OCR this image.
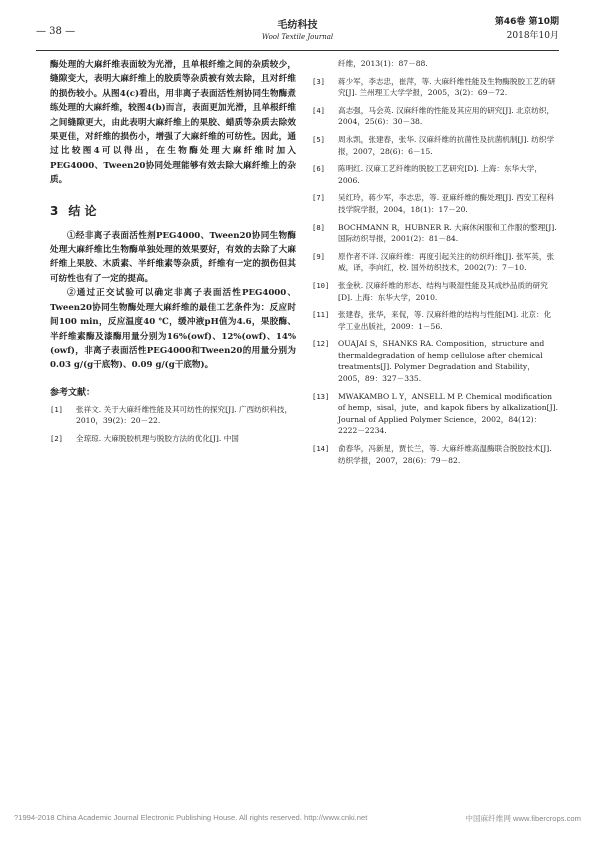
— 38 —
毛纺科技
Wool Textile Journal
第46卷 第10期
2018年10月

酶处理的大麻纤维表面较为光滑，且单根纤维之间的杂质较少，缝隙变大，表明大麻纤维上的胶质等杂质被有效去除，且对纤维的损伤较小。从图4(c)看出，用非离子表面活性剂协同生物酶煮练处理的大麻纤维，较图4(b)而言，表面更加光滑，且单根纤维之间缝隙更大，由此表明大麻纤维上的果胶、蜡质等杂质去除效果更佳，对纤维的损伤小，增强了大麻纤维的可纺性。因此，通过比较图4可以得出，在生物酶处理大麻纤维时加入PEG4000、Tween20协同处理能够有效去除大麻纤维上的杂质。

3 结 论

①经非离子表面活性剂PEG4000、Tween20协同生物酶处理大麻纤维比生物酶单独处理的效果要好，有效的去除了大麻纤维上果胶、木质素、半纤维素等杂质，纤维有一定的损伤但其可纺性也有了一定的提高。

②通过正交试验可以确定非离子表面活性PEG4000、Tween20协同生物酶处理大麻纤维的最佳工艺条件为：反应时间100 min，反应温度40 ℃，缓冲液pH值为4.6，果胶酶、半纤维素酶及漆酶用量分别为16%(owf)、12%(owf)、14%(owf)，非离子表面活性PEG4000和Tween20的用量分别为0.03 g/(g干底物)、0.09 g/(g干底物)。

参考文献：
[1]	张祥文. 关于大麻纤维性能及其可纺性的探究[J]. 广西纺织科技，2010，39(2)：20－22.
[2]	全琼琼. 大麻脱胶机理与脱胶方法的优化[J]. 中国
纤维，2013(1)：87－88.
[3]	蒋少军，李志忠，崔萍，等. 大麻纤维性能及生物酶脱胶工艺的研究[J]. 兰州理工大学学报，2005，3(2)：69－72.
[4]	高志强，马会英. 汉麻纤维的性能及其应用的研究[J]. 北京纺织，2004，25(6)：30－38.
[5]	周永凯，张建春，张华. 汉麻纤维的抗菌性及抗菌机制[J]. 纺织学报，2007，28(6)：6－15.
[6]	陈明红. 汉麻工艺纤维的脱胶工艺研究[D]. 上海：东华大学，2006.
[7]	吴红玲，蒋少军，李志忠，等. 亚麻纤维的酶处理[J]. 西安工程科技学院学报，2004，18(1)：17－20.
[8]	BOCHMANN R，HUBNER R. 大麻休闲服和工作服的整理[J]. 国际纺织导报，2001(2)：81－84.
[9]	原作者不详. 汉麻纤维：再度引起关注的纺织纤维[J]. 张军英，张威，译，李向红，校. 国外纺织技术，2002(7)：7－10.
[10]	张金秋. 汉麻纤维的形态、结构与吸湿性能及其成纱品质的研究[D]. 上海：东华大学，2010.
[11]	张建春，张华，来侃，等. 汉麻纤维的结构与性能[M]. 北京：化学工业出版社，2009：1－56.
[12]	OUAJAI S，SHANKS RA. Composition，structure and thermaldegradation of hemp cellulose after chemical treatments[J]. Polymer Degradation and Stability，2005，89：327－335.
[13]	MWAKAMBO L Y，ANSELL M P. Chemical modification of hemp，sisal，jute，and kapok fibers by alkalization[J]. Journal of Applied Polymer Science，2002，84(12)：2222－2234.
[14]	俞春华，冯新星，贾长兰，等. 大麻纤维高温酶联合脱胶技术[J]. 纺织学报，2007，28(6)：79－82.
?1994-2018 China Academic Journal Electronic Publishing House. All rights reserved. http://www.cnki.net	中国麻纤维网 www.fibercrops.com
